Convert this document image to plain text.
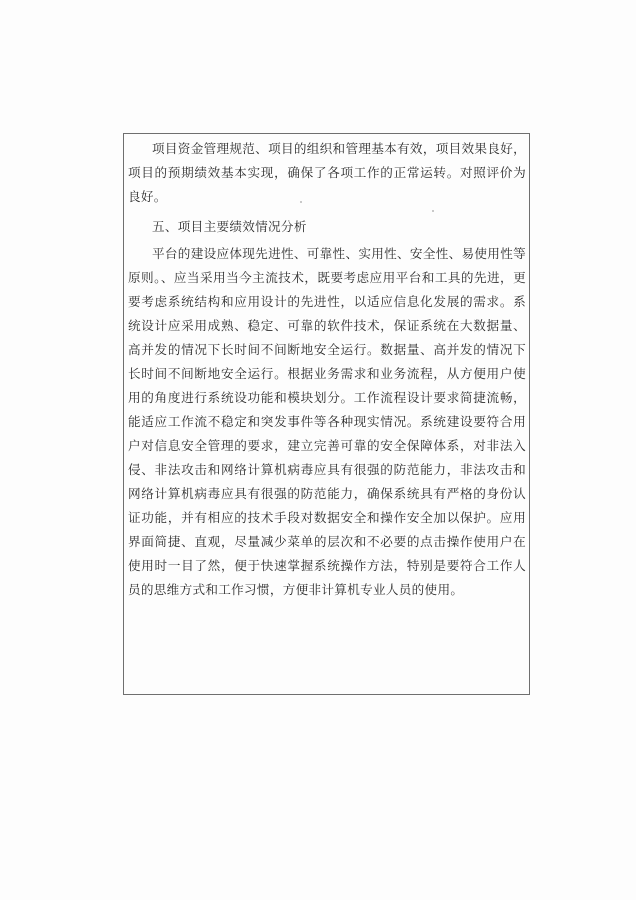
项目资金管理规范、项目的组织和管理基本有效，项目效果良好，项目的预期绩效基本实现，确保了各项工作的正常运转。对照评价为良好。

五、项目主要绩效情况分析

平台的建设应体现先进性、可靠性、实用性、安全性、易使用性等原则。、应当采用当今主流技术，既要考虑应用平台和工具的先进，更要考虑系统结构和应用设计的先进性，以适应信息化发展的需求。系统设计应采用成熟、稳定、可靠的软件技术，保证系统在大数据量、高并发的情况下长时间不间断地安全运行。数据量、高并发的情况下长时间不间断地安全运行。根据业务需求和业务流程，从方便用户使用的角度进行系统设功能和模块划分。工作流程设计要求简捷流畅，能适应工作流不稳定和突发事件等各种现实情况。系统建设要符合用户对信息安全管理的要求，建立完善可靠的安全保障体系，对非法入侵、非法攻击和网络计算机病毒应具有很强的防范能力，非法攻击和网络计算机病毒应具有很强的防范能力，确保系统具有严格的身份认证功能，并有相应的技术手段对数据安全和操作安全加以保护。应用界面简捷、直观，尽量减少菜单的层次和不必要的点击操作使用户在使用时一目了然，便于快速掌握系统操作方法，特别是要符合工作人员的思维方式和工作习惯，方便非计算机专业人员的使用。
